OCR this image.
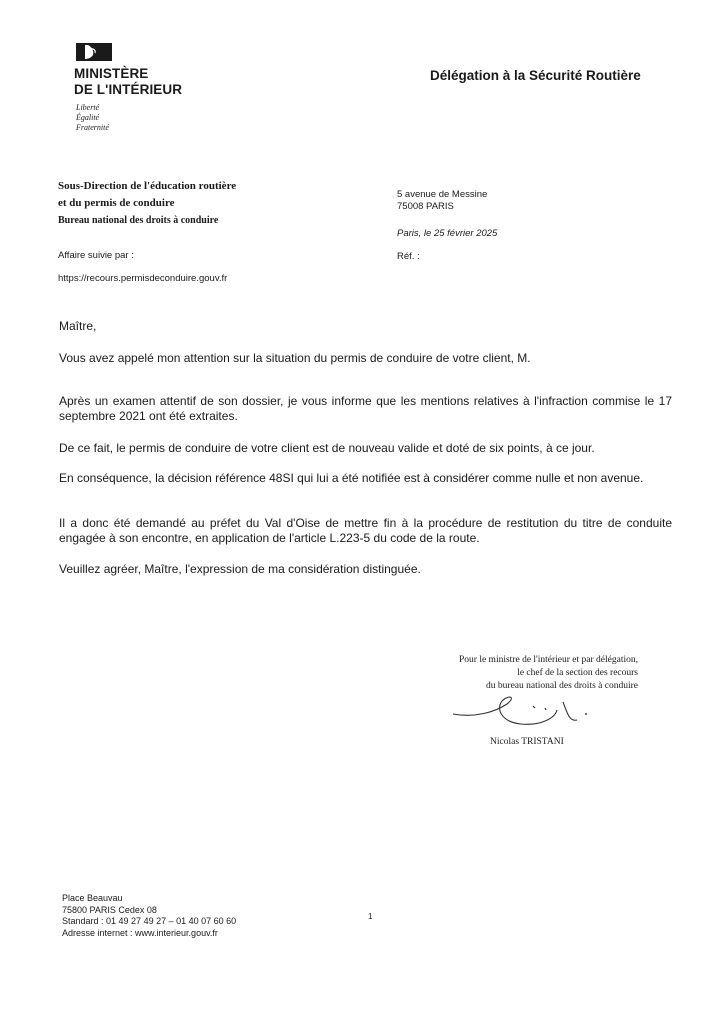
MINISTÈRE
DE L'INTÉRIEUR
Liberté
Égalité
Fraternité
Délégation à la Sécurité Routière
Sous-Direction de l'éducation routière
et du permis de conduire
Bureau national des droits à conduire
Affaire suivie par :
https://recours.permisdeconduire.gouv.fr
5 avenue de Messine
75008 PARIS
Paris, le 25 février 2025
Réf. :
Maître,
Vous avez appelé mon attention sur la situation du permis de conduire de votre client, M.
Après un examen attentif de son dossier, je vous informe que les mentions relatives à l'infraction commise le 17 septembre 2021 ont été extraites.
De ce fait, le permis de conduire de votre client est de nouveau valide et doté de six points, à ce jour.
En conséquence, la décision référence 48SI qui lui a été notifiée est à considérer comme nulle et non avenue.
Il a donc été demandé au préfet du Val d'Oise de mettre fin à la procédure de restitution du titre de conduite engagée à son encontre, en application de l'article L.223-5 du code de la route.
Veuillez agréer, Maître, l'expression de ma considération distinguée.
Pour le ministre de l'intérieur et par délégation,
le chef de la section des recours
du bureau national des droits à conduire
Nicolas TRISTANI
Place Beauvau
75800 PARIS Cedex 08
Standard : 01 49 27 49 27 – 01 40 07 60 60
Adresse internet : www.interieur.gouv.fr
1
